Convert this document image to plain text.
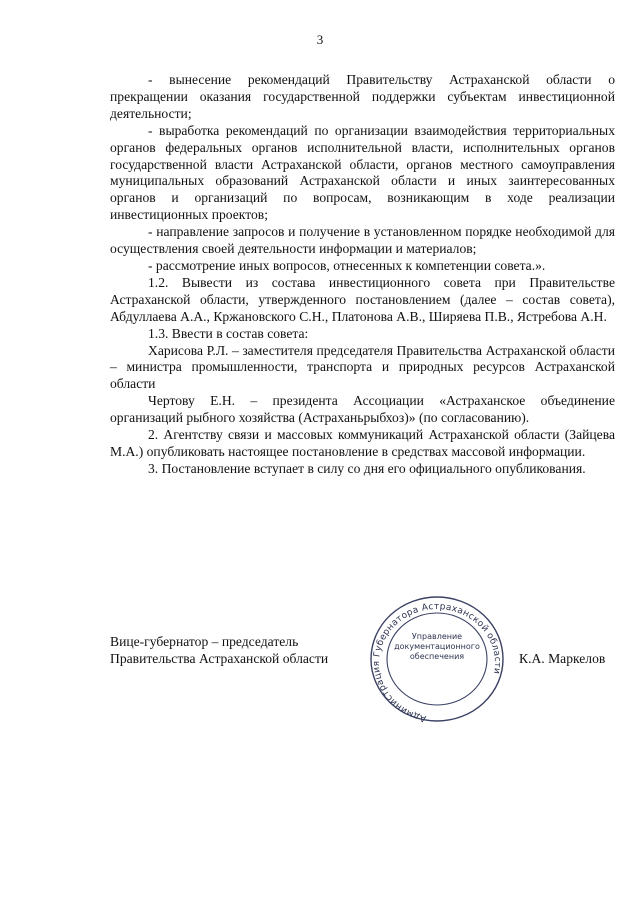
3

- вынесение рекомендаций Правительству Астраханской области о прекращении оказания государственной поддержки субъектам инвестиционной деятельности;

- выработка рекомендаций по организации взаимодействия территориальных органов федеральных органов исполнительной власти, исполнительных органов государственной власти Астраханской области, органов местного самоуправления муниципальных образований Астраханской области и иных заинтересованных органов и организаций по вопросам, возникающим в ходе реализации инвестиционных проектов;

- направление запросов и получение в установленном порядке необходимой для осуществления своей деятельности информации и материалов;

- рассмотрение иных вопросов, отнесенных к компетенции совета.».

1.2. Вывести из состава инвестиционного совета при Правительстве Астраханской области, утвержденного постановлением (далее – состав совета), Абдуллаева А.А., Кржановского С.Н., Платонова А.В., Ширяева П.В., Ястребова А.Н.

1.3. Ввести в состав совета:

Харисова Р.Л. – заместителя председателя Правительства Астраханской области – министра промышленности, транспорта и природных ресурсов Астраханской области

Чертову Е.Н. – президента Ассоциации «Астраханское объединение организаций рыбного хозяйства (Астраханьрыбхоз)» (по согласованию).

2. Агентству связи и массовых коммуникаций Астраханской области (Зайцева М.А.) опубликовать настоящее постановление в средствах массовой информации.

3. Постановление вступает в силу со дня его официального опубликования.

Вице-губернатор – председатель
Правительства Астраханской области
Администрация Губернатора Астраханской области
Управление
документационного
обеспечения	К.А. Маркелов
